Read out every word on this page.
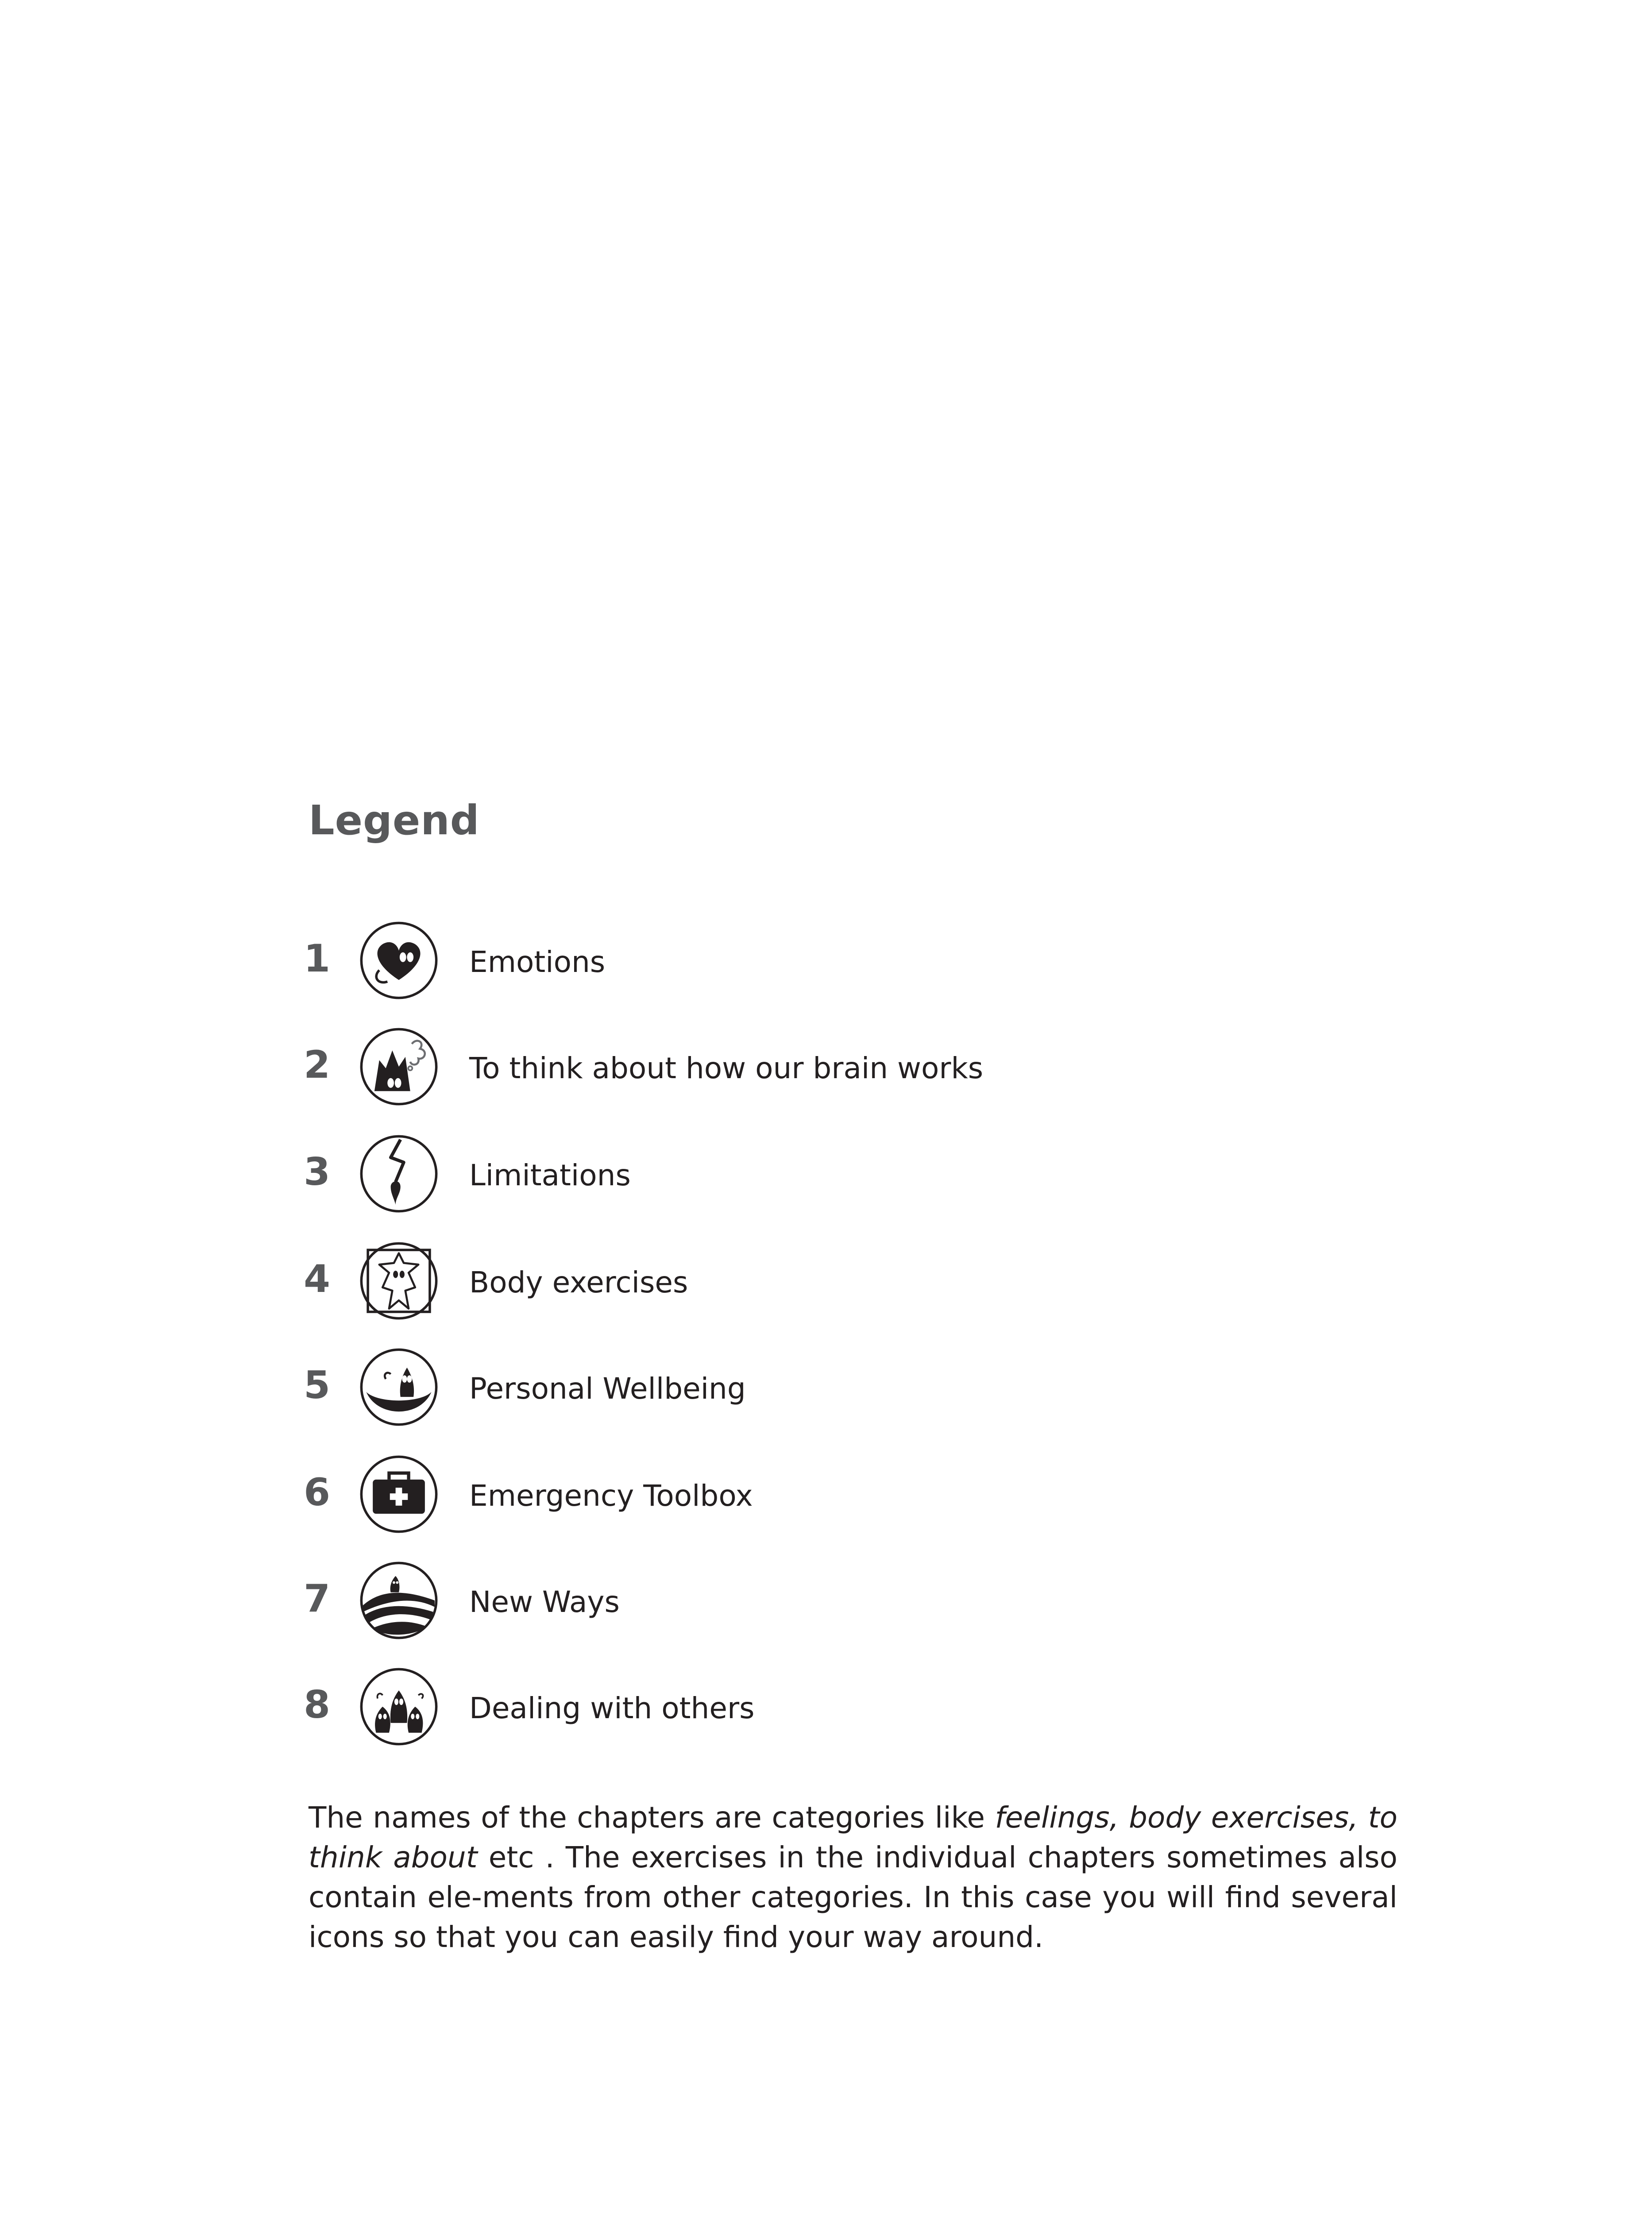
Legend
1	Emotions
2	To think about how our brain works
3	Limitations
4	Body exercises
5	Personal Wellbeing
6	Emergency Toolbox
7	New Ways
8	Dealing with others

The names of the chapters are categories like feelings, body exercises, to think about etc . The exercises in the individual chapters sometimes also contain ele-ments from other categories. In this case you will find several icons so that you can easily find your way around.
